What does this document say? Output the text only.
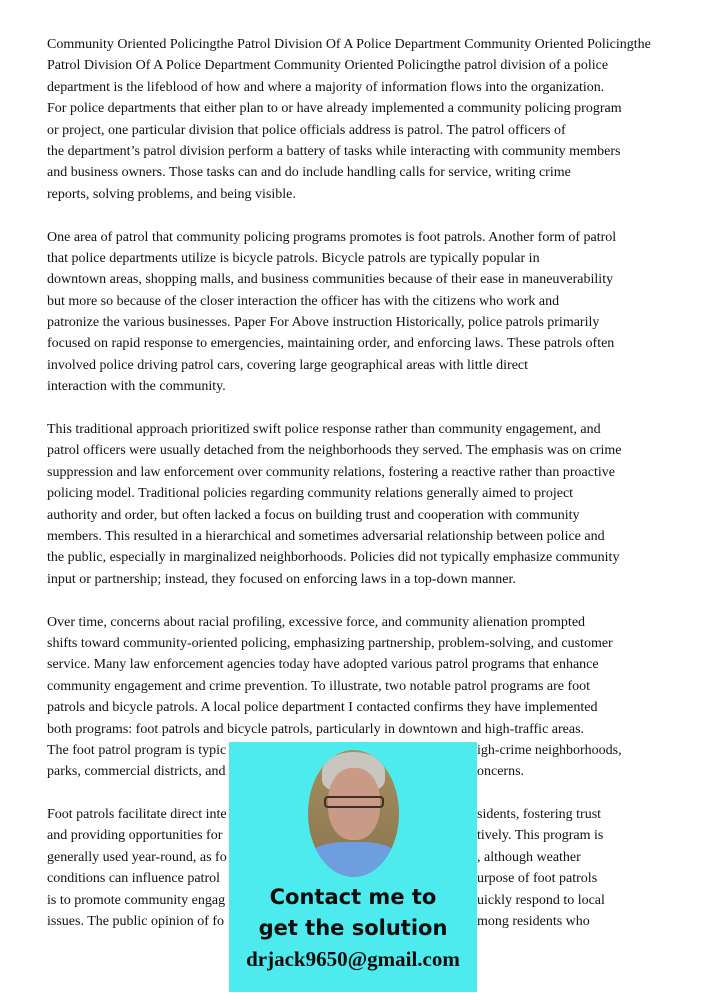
Community Oriented Policingthe Patrol Division Of A Police Department Community Oriented Policingthe
Patrol Division Of A Police Department Community Oriented Policingthe patrol division of a police
department is the lifeblood of how and where a majority of information flows into the organization.
For police departments that either plan to or have already implemented a community policing program
or project, one particular division that police officials address is patrol. The patrol officers of
the department’s patrol division perform a battery of tasks while interacting with community members
and business owners. Those tasks can and do include handling calls for service, writing crime
reports, solving problems, and being visible.
One area of patrol that community policing programs promotes is foot patrols. Another form of patrol
that police departments utilize is bicycle patrols. Bicycle patrols are typically popular in
downtown areas, shopping malls, and business communities because of their ease in maneuverability
but more so because of the closer interaction the officer has with the citizens who work and
patronize the various businesses. Paper For Above instruction Historically, police patrols primarily
focused on rapid response to emergencies, maintaining order, and enforcing laws. These patrols often
involved police driving patrol cars, covering large geographical areas with little direct
interaction with the community.
This traditional approach prioritized swift police response rather than community engagement, and
patrol officers were usually detached from the neighborhoods they served. The emphasis was on crime
suppression and law enforcement over community relations, fostering a reactive rather than proactive
policing model. Traditional policies regarding community relations generally aimed to project
authority and order, but often lacked a focus on building trust and cooperation with community
members. This resulted in a hierarchical and sometimes adversarial relationship between police and
the public, especially in marginalized neighborhoods. Policies did not typically emphasize community
input or partnership; instead, they focused on enforcing laws in a top-down manner.
Over time, concerns about racial profiling, excessive force, and community alienation prompted
shifts toward community-oriented policing, emphasizing partnership, problem-solving, and customer
service. Many law enforcement agencies today have adopted various patrol programs that enhance
community engagement and crime prevention. To illustrate, two notable patrol programs are foot
patrols and bicycle patrols. A local police department I contacted confirms they have implemented
both programs: foot patrols and bicycle patrols, particularly in downtown and high-traffic areas.
The foot patrol program is typic	igh-crime neighborhoods,
parks, commercial districts, and	oncerns.
Foot patrols facilitate direct inte	sidents, fostering trust
and providing opportunities for	tively. This program is
generally used year-round, as fo	, although weather
conditions can influence patrol	urpose of foot patrols
is to promote community engag	uickly respond to local
issues. The public opinion of fo	mong residents who
Contact me to
get the solution
drjack9650@gmail.com
